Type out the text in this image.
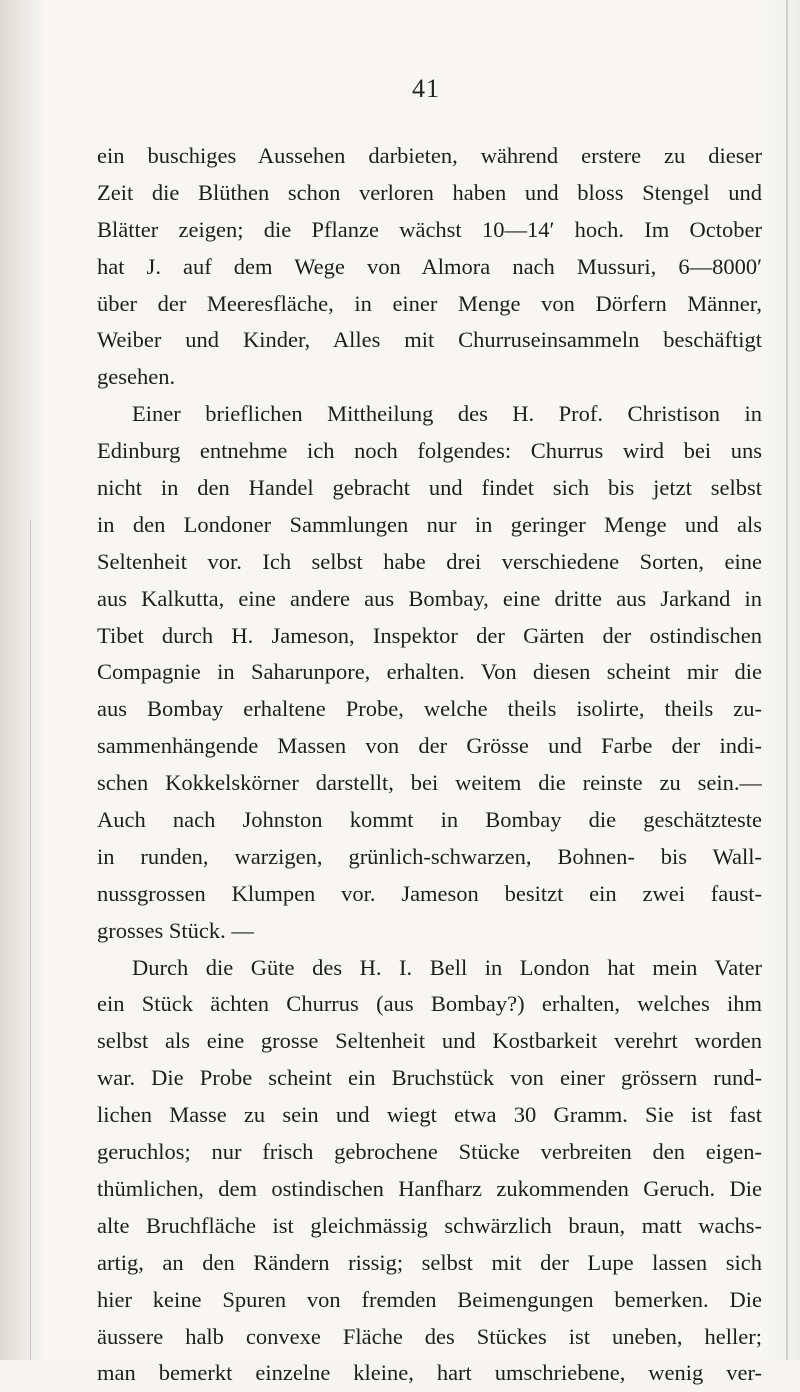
41
ein buschiges Aussehen darbieten, während erstere zu dieser
Zeit die Blüthen schon verloren haben und bloss Stengel und
Blätter zeigen; die Pflanze wächst 10—14′ hoch. Im October
hat J. auf dem Wege von Almora nach Mussuri, 6—8000′
über der Meeresfläche, in einer Menge von Dörfern Männer,
Weiber und Kinder, Alles mit Churruseinsammeln beschäftigt
gesehen.
Einer brieflichen Mittheilung des H. Prof. Christison in
Edinburg entnehme ich noch folgendes: Churrus wird bei uns
nicht in den Handel gebracht und findet sich bis jetzt selbst
in den Londoner Sammlungen nur in geringer Menge und als
Seltenheit vor. Ich selbst habe drei verschiedene Sorten, eine
aus Kalkutta, eine andere aus Bombay, eine dritte aus Jarkand in
Tibet durch H. Jameson, Inspektor der Gärten der ostindischen
Compagnie in Saharunpore, erhalten. Von diesen scheint mir die
aus Bombay erhaltene Probe, welche theils isolirte, theils zu-
sammenhängende Massen von der Grösse und Farbe der indi-
schen Kokkelskörner darstellt, bei weitem die reinste zu sein.—
Auch nach Johnston kommt in Bombay die geschätzteste
in runden, warzigen, grünlich-schwarzen, Bohnen- bis Wall-
nussgrossen Klumpen vor. Jameson besitzt ein zwei faust-
grosses Stück. —
Durch die Güte des H. I. Bell in London hat mein Vater
ein Stück ächten Churrus (aus Bombay?) erhalten, welches ihm
selbst als eine grosse Seltenheit und Kostbarkeit verehrt worden
war. Die Probe scheint ein Bruchstück von einer grössern rund-
lichen Masse zu sein und wiegt etwa 30 Gramm. Sie ist fast
geruchlos; nur frisch gebrochene Stücke verbreiten den eigen-
thümlichen, dem ostindischen Hanfharz zukommenden Geruch. Die
alte Bruchfläche ist gleichmässig schwärzlich braun, matt wachs-
artig, an den Rändern rissig; selbst mit der Lupe lassen sich
hier keine Spuren von fremden Beimengungen bemerken. Die
äussere halb convexe Fläche des Stückes ist uneben, heller;
man bemerkt einzelne kleine, hart umschriebene, wenig ver-
